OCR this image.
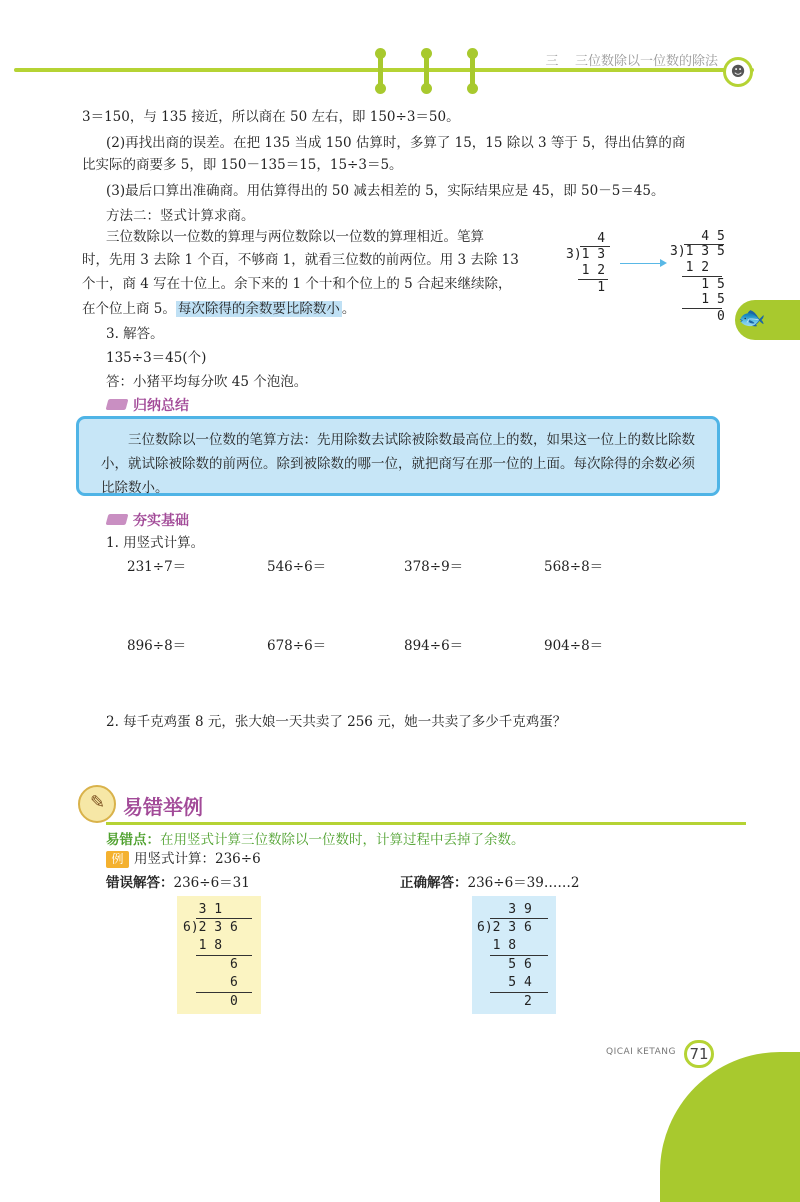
三    三位数除以一位数的除法
☻
🐟
3＝150，与 135 接近，所以商在 50 左右，即 150÷3＝50。
(2)再找出商的误差。在把 135 当成 150 估算时，多算了 15，15 除以 3 等于 5，得出估算的商
比实际的商要多 5，即 150－135＝15，15÷3＝5。
(3)最后口算出准确商。用估算得出的 50 减去相差的 5，实际结果应是 45，即 50－5＝45。
方法二：竖式计算求商。
三位数除以一位数的算理与两位数除以一位数的算理相近。笔算
时，先用 3 去除 1 个百，不够商 1，就看三位数的前两位。用 3 去除 13
个十，商 4 写在十位上。余下来的 1 个十和个位上的 5 合起来继续除，
在个位上商 5。 每次除得的余数要比除数小 。
3. 解答。
135÷3＝45(个)
答：小猪平均每分吹 45 个泡泡。
4
3)1 3
1 2
1
4 5
3)1 3 5
1 2
1 5
1 5
0
归纳总结
三位数除以一位数的笔算方法：先用除数去试除被除数最高位上的数，如果这一位上的数比除数小，就试除被除数的前两位。除到被除数的哪一位，就把商写在那一位的上面。每次除得的余数必须比除数小。
夯实基础
1. 用竖式计算。
231÷7＝	546÷6＝	378÷9＝	568÷8＝
896÷8＝	678÷6＝	894÷6＝	904÷8＝
2. 每千克鸡蛋 8 元，张大娘一天共卖了 256 元，她一共卖了多少千克鸡蛋？
✎ 易错举例
易错点：在用竖式计算三位数除以一位数时，计算过程中丢掉了余数。
例 用竖式计算：236÷6
错误解答：236÷6＝31	正确解答：236÷6＝39……2
3 1
6)2 3 6
1 8
6
6
0
3 9
6)2 3 6
1 8
5 6
5 4
2
QICAI KETANG 71
